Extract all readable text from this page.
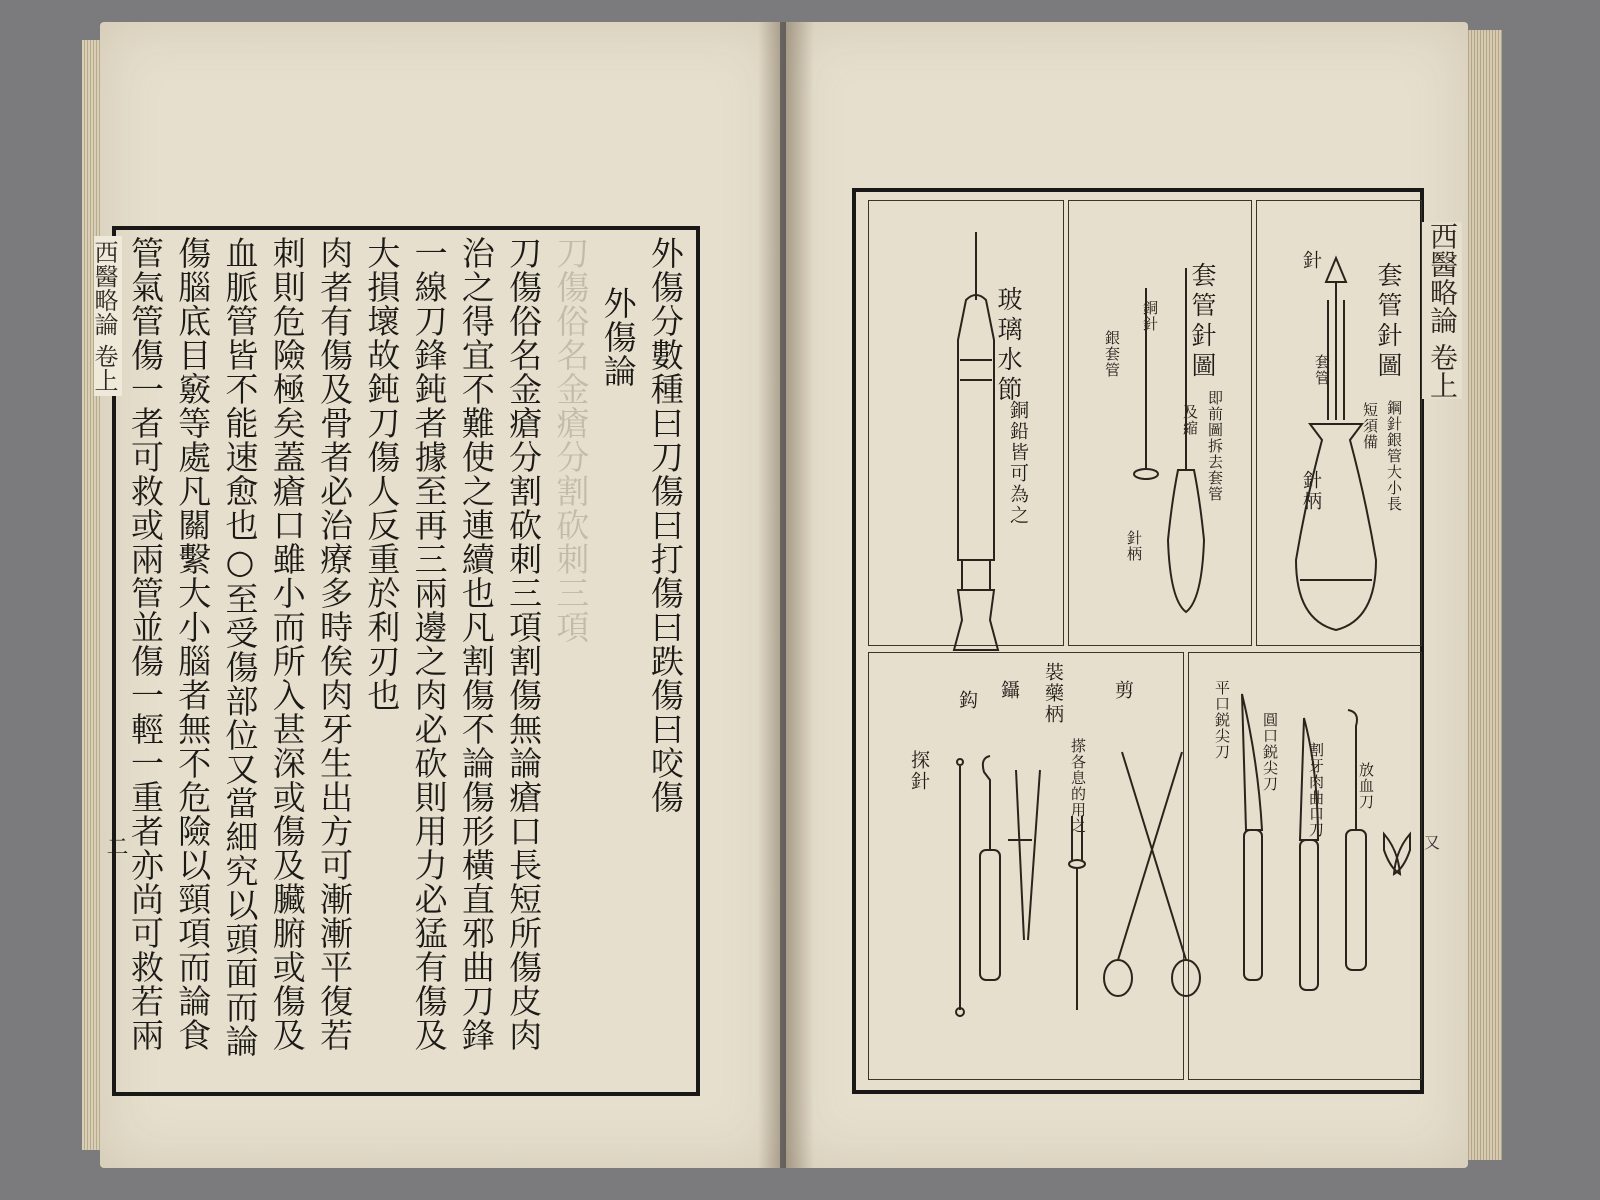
西醫略論 卷上
二
外傷分數種曰刀傷曰打傷曰跌傷曰咬傷
外傷論
刀傷俗名金瘡分割砍刺三項
刀傷俗名金瘡分割砍刺三項割傷無論瘡口長短所傷皮肉
治之得宜不難使之連續也凡割傷不論傷形橫直邪曲刀鋒
一線刀鋒鈍者據至再三兩邊之肉必砍則用力必猛有傷及
大損壞故鈍刀傷人反重於利刃也
肉者有傷及骨者必治療多時俟肉牙生出方可漸漸平復若
刺則危險極矣蓋瘡口雖小而所入甚深或傷及臟腑或傷及
血脈管皆不能速愈也○至受傷部位又當細究以頭面而論
傷腦底目竅等處凡關繫大小腦者無不危險以頸項而論食
管氣管傷一者可救或兩管並傷一輕一重者亦尚可救若兩	西醫略論 卷上
又
玻璃水節
銅鉛皆可為之
套管針圖
即前圖拆去套管
及縮
銅針
銀套管
針柄
套管針圖
鋼針銀管大小長
短須備
針
套管
針柄
探針
鈎 鑷 裝藥柄
搽各息的用之
剪	平口鋭尖刀 圓口鋭尖刀 割牙肉曲口刀 放血刀
